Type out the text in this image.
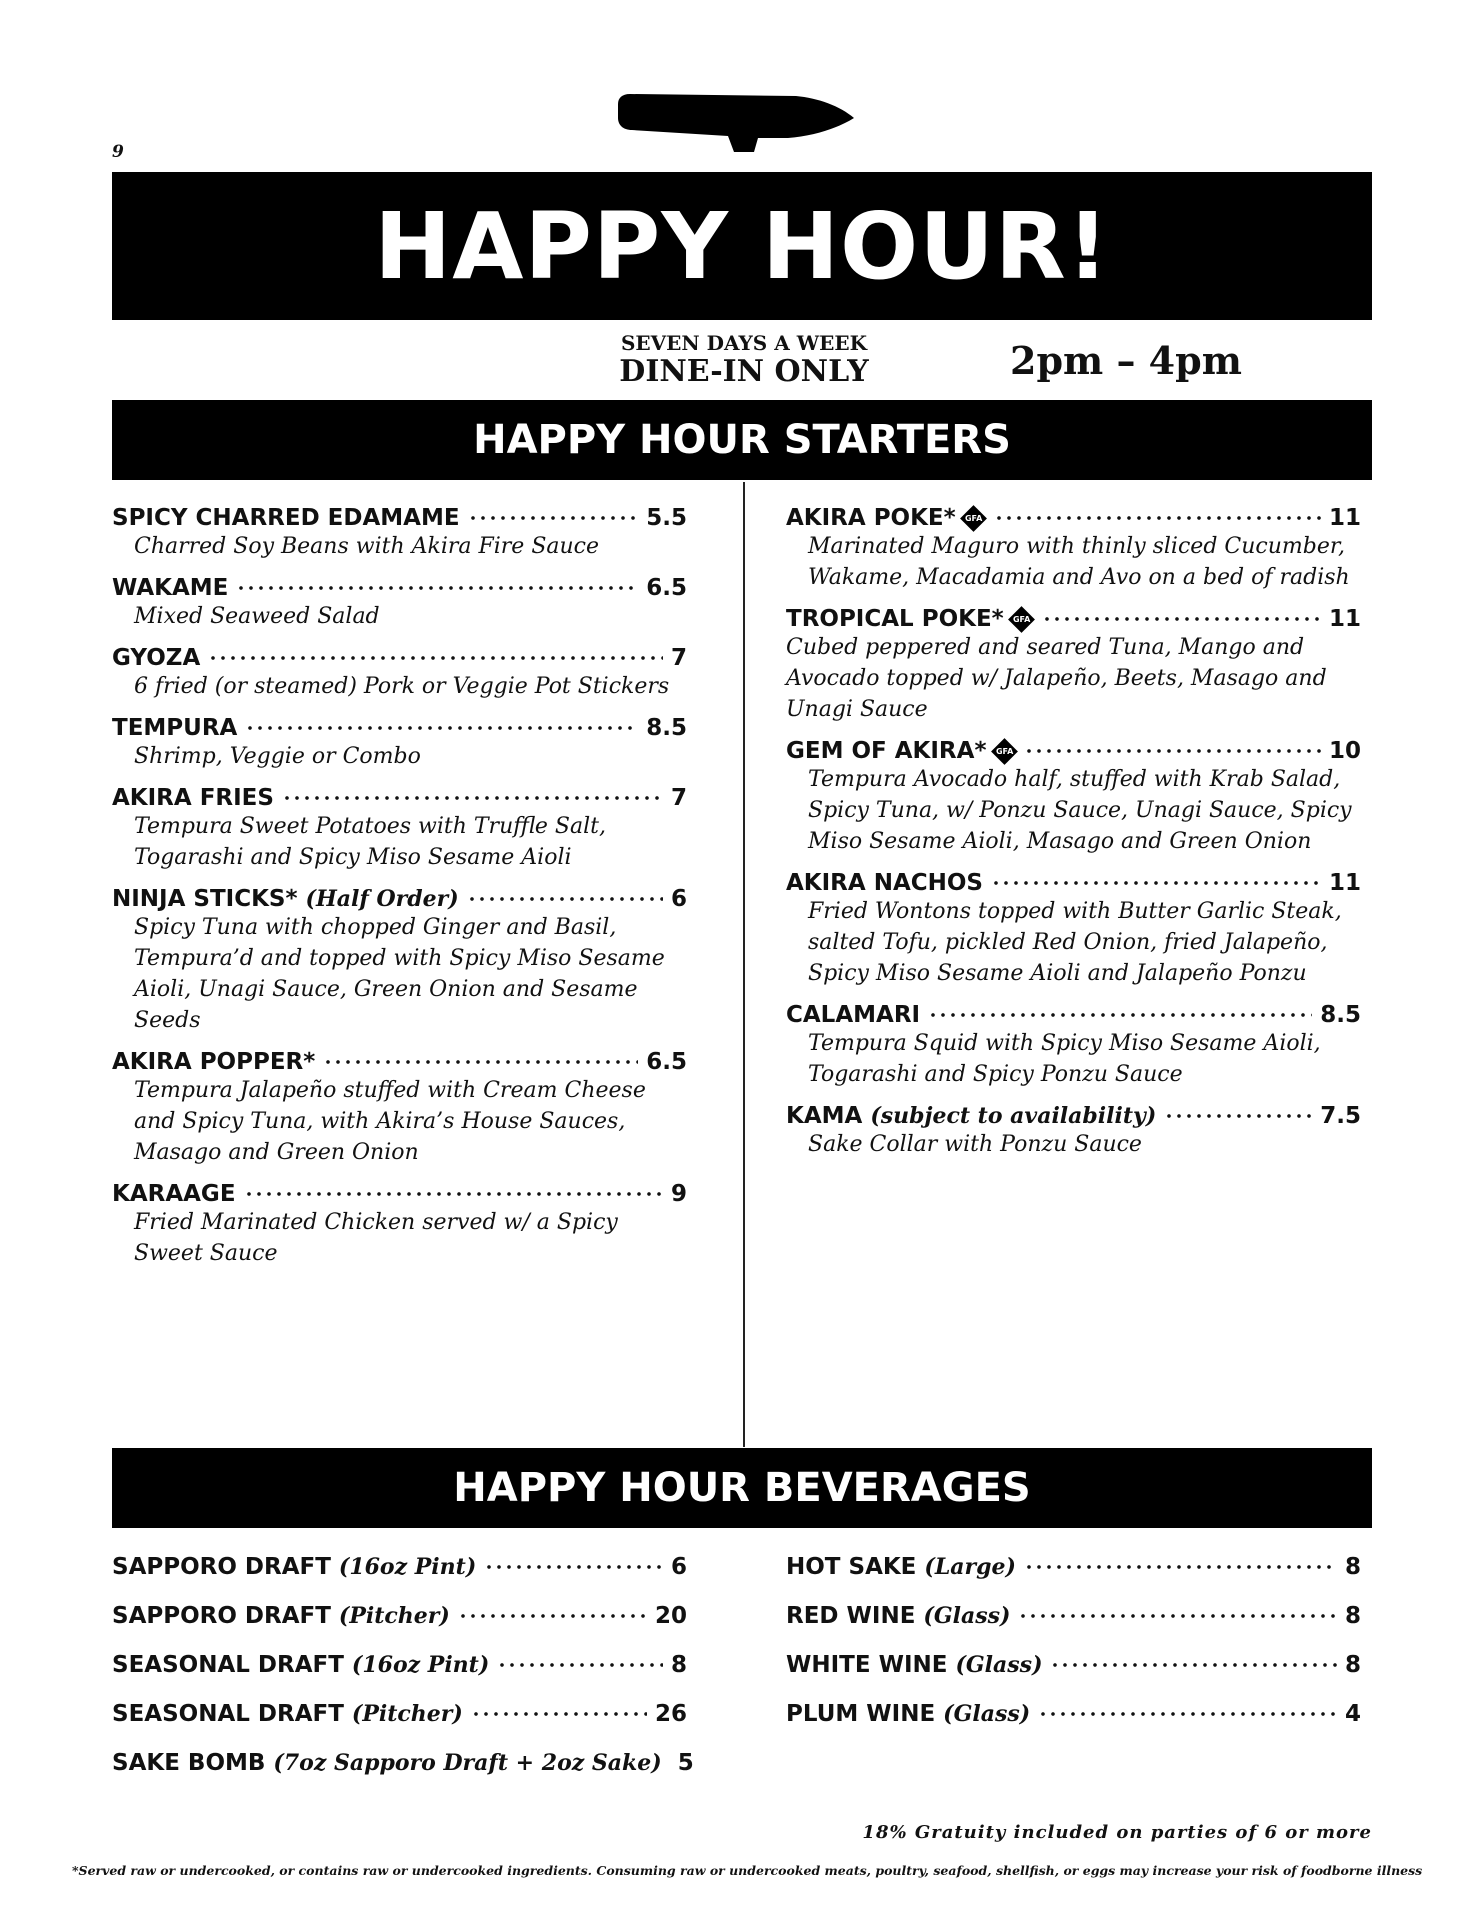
9
HAPPY HOUR!
SEVEN DAYS A WEEK
DINE-IN ONLY	2pm – 4pm
HAPPY HOUR STARTERS
SPICY CHARRED EDAMAME	5.5
Charred Soy Beans with Akira Fire Sauce
WAKAME	6.5
Mixed Seaweed Salad
GYOZA	7
6 fried (or steamed) Pork or Veggie Pot Stickers
TEMPURA	8.5
Shrimp, Veggie or Combo
AKIRA FRIES	7
Tempura Sweet Potatoes with Truffle Salt, Togarashi and Spicy Miso Sesame Aioli
NINJA STICKS* (Half Order)	6
Spicy Tuna with chopped Ginger and Basil, Tempura’d and topped with Spicy Miso Sesame Aioli, Unagi Sauce, Green Onion and Sesame Seeds
AKIRA POPPER*	6.5
Tempura Jalapeño stuffed with Cream Cheese and Spicy Tuna, with Akira’s House Sauces, Masago and Green Onion
KARAAGE	9
Fried Marinated Chicken served w/ a Spicy Sweet Sauce
AKIRA POKE* GFA	11
Marinated Maguro with thinly sliced Cucumber, Wakame, Macadamia and Avo on a bed of radish
TROPICAL POKE* GFA	11
Cubed peppered and seared Tuna, Mango and Avocado topped w/ Jalapeño, Beets, Masago and Unagi Sauce
GEM OF AKIRA* GFA	10
Tempura Avocado half, stuffed with Krab Salad, Spicy Tuna, w/ Ponzu Sauce, Unagi Sauce, Spicy Miso Sesame Aioli, Masago and Green Onion
AKIRA NACHOS	11
Fried Wontons topped with Butter Garlic Steak, salted Tofu, pickled Red Onion, fried Jalapeño, Spicy Miso Sesame Aioli and Jalapeño Ponzu
CALAMARI	8.5
Tempura Squid with Spicy Miso Sesame Aioli, Togarashi and Spicy Ponzu Sauce
KAMA (subject to availability)	7.5
Sake Collar with Ponzu Sauce
HAPPY HOUR BEVERAGES
SAPPORO DRAFT (16oz Pint)	6
SAPPORO DRAFT (Pitcher)	20
SEASONAL DRAFT (16oz Pint)	8
SEASONAL DRAFT (Pitcher)	26
SAKE BOMB (7oz Sapporo Draft + 2oz Sake) 5
HOT SAKE (Large)	8
RED WINE (Glass)	8
WHITE WINE (Glass)	8
PLUM WINE (Glass)	4
18% Gratuity included on parties of 6 or more
*Served raw or undercooked, or contains raw or undercooked ingredients. Consuming raw or undercooked meats, poultry, seafood, shellfish, or eggs may increase your risk of foodborne illness
